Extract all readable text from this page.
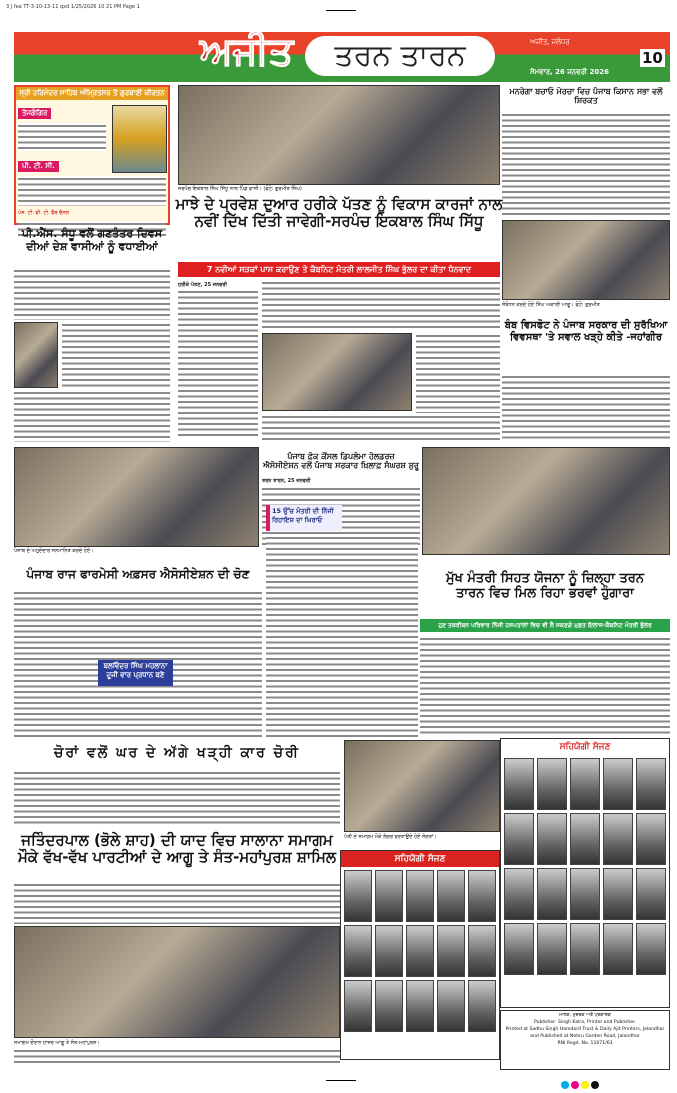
3 J fea TT-3-10-13-11 qxd 1/25/2026 10 21 PM Page 1
ਅਜੀਤ	ਤਰਨ ਤਾਰਨ	ਅਜੀਤ, ਜਲੰਧਰ
ਸੋਮਵਾਰ, 26 ਜਨਵਰੀ 2026
10
ਸ੍ਰੀ ਹਰਿਮੰਦਰ ਸਾਹਿਬ ਅੰਮ੍ਰਿਤਸਰ ਤੋਂ ਗੁਰਬਾਣੀ ਕੀਰਤਨ
ਤੇਜਗੰਗਿਰ
ਪੀ. ਟੀ. ਸੀ.
ਪੇਜ. ਟੀ. ਵੀ. ਟੀ. ਵੈੱਬ ਚੈਨਲ
ਪੀ.ਐੱਸ. ਸੰਧੂ ਵਲੋਂ ਗਣਤੰਤਰ ਦਿਵਸ ਦੀਆਂ ਦੇਸ਼ ਵਾਸੀਆਂ ਨੂੰ ਵਧਾਈਆਂ
ਸਰਪੰਚ ਇਕਬਾਲ ਸਿੰਘ ਸਿੱਧੂ ਨਾਲ ਪਿੰਡ ਵਾਸੀ। (ਫੋਟੋ: ਗੁਰਮੀਤ ਸਿੰਘ)
ਮਾਝੇ ਦੇ ਪ੍ਰਵੇਸ਼ ਦੁਆਰ ਹਰੀਕੇ ਪੱਤਣ ਨੂੰ ਵਿਕਾਸ ਕਾਰਜਾਂ ਨਾਲ
ਨਵੀਂ ਦਿੱਖ ਦਿੱਤੀ ਜਾਵੇਗੀ-ਸਰਪੰਚ ਇਕਬਾਲ ਸਿੰਘ ਸਿੱਧੂ
7 ਨਵੀਆਂ ਸੜਕਾਂ ਪਾਸ ਕਰਾਉਣ ਤੇ ਕੈਬਨਿਟ ਮੰਤਰੀ ਲਾਲਜੀਤ ਸਿੰਘ ਭੁੱਲਰ ਦਾ ਕੀਤਾ ਧੰਨਵਾਦ
ਹਰੀਕੇ ਪੱਤਣ, 25 ਜਨਵਰੀ
ਮਨਰੇਗਾ ਬਚਾਓ ਮੋਰਚਾ ਵਿਚ ਪੰਜਾਬ ਕਿਸਾਨ ਸਭਾ ਵਲੋਂ ਸ਼ਿਰਕਤ
ਸੰਬੋਧਨ ਕਰਦੇ ਹੋਏ ਸਿੰਘ ਅਕਾਲੀ ਆਗੂ। ਫੋਟੋ: ਗੁਰਮੀਤ
ਬੰਬ ਵਿਸਫੋਟ ਨੇ ਪੰਜਾਬ ਸਰਕਾਰ ਦੀ ਸੁਰੱਖਿਆ
ਵਿਵਸਥਾ 'ਤੇ ਸਵਾਲ ਖੜ੍ਹੇ ਕੀਤੇ -ਜਹਾਂਗੀਰ
ਪੰਜਾਬ ਦੇ ਅਹੁਦੇਦਾਰ ਸਨਮਾਨਿਤ ਕਰਦੇ ਹੋਏ।
ਪੰਜਾਬ ਫ਼ੋਕ ਕੌਂਸਲ ਡਿਪਲੋਮਾ ਹੋਲਡਰਜ਼
ਐਸੋਸੀਏਸ਼ਨ ਵਲੋਂ ਪੰਜਾਬ ਸਰਕਾਰ ਖ਼ਿਲਾਫ਼ ਸੰਘਰਸ਼ ਸ਼ੁਰੂ
ਤਰਨ ਤਾਰਨ, 25 ਜਨਵਰੀ
ਪੰਜਾਬ ਰਾਜ ਫਾਰਮੇਸੀ ਅਫ਼ਸਰ ਐਸੋਸੀਏਸ਼ਨ ਦੀ ਚੋਣ
ਬਲਵਿੰਦਰ ਸਿੰਘ ਮਹਲਾਨਾ ਦੂਜੀ ਵਾਰ ਪ੍ਰਧਾਨ ਬਣੇ
15 ਉੱਚ ਮੰਤਰੀ ਦੀ ਨਿੱਜੀ ਰਿਹਾਇਸ਼ ਦਾ ਘਿਰਾਓ
ਮੁੱਖ ਮੰਤਰੀ ਸਿਹਤ ਯੋਜਨਾ ਨੂੰ ਜ਼ਿਲ੍ਹਾ ਤਰਨ
ਤਾਰਨ ਵਿਚ ਮਿਲ ਰਿਹਾ ਭਰਵਾਂ ਹੁੰਗਾਰਾ
ਹੁਣ ਤਕਰੀਬਨ ਪਰਿਵਾਰ ਨਿੱਜੀ ਹਸਪਤਾਲਾਂ ਵਿਚ ਵੀ ਲੈ ਸਕਣਗੇ ਮੁਫ਼ਤ ਇਲਾਜ-ਕੈਬਨਿਟ ਮੰਤਰੀ ਭੁੱਲਰ
ਚੋਰਾਂ ਵਲੋਂ ਘਰ ਦੇ ਅੱਗੇ ਖੜ੍ਹੀ ਕਾਰ ਚੋਰੀ
ਪੱਤੀ ਦੇ ਸਮਾਗਮ ਮੌਕੇ ਲੰਗਰ ਵਰਤਾਉਂਦੇ ਹੋਏ ਸੰਗਤਾਂ।
ਜਤਿੰਦਰਪਾਲ (ਭੋਲੇ ਸ਼ਾਹ) ਦੀ ਯਾਦ ਵਿਚ ਸਾਲਾਨਾ ਸਮਾਗਮ
ਮੌਕੇ ਵੱਖ-ਵੱਖ ਪਾਰਟੀਆਂ ਦੇ ਆਗੂ ਤੇ ਸੰਤ-ਮਹਾਂਪੁਰਸ਼ ਸ਼ਾਮਿਲ
ਸਮਾਗਮ ਦੌਰਾਨ ਹਾਜ਼ਰ ਆਗੂ ਤੇ ਸੰਤ-ਮਹਾਂਪੁਰਸ਼।
ਸਹਿਯੋਗੀ ਸੱਜਣ
ਸਹਿਯੋਗੀ ਸੱਜਣ
ਮਾਲਕ, ਮੁਦਰਕ ਅਤੇ ਪ੍ਰਕਾਸ਼ਕ
Publisher: Singh Kalra, Printer and Publisher.
Printed at Sadhu Singh Hamdard Trust & Daily Ajit Printers, Jalandhar
and Published at Nehru Garden Road, Jalandhar
RNI Regd. No. 11071/63
